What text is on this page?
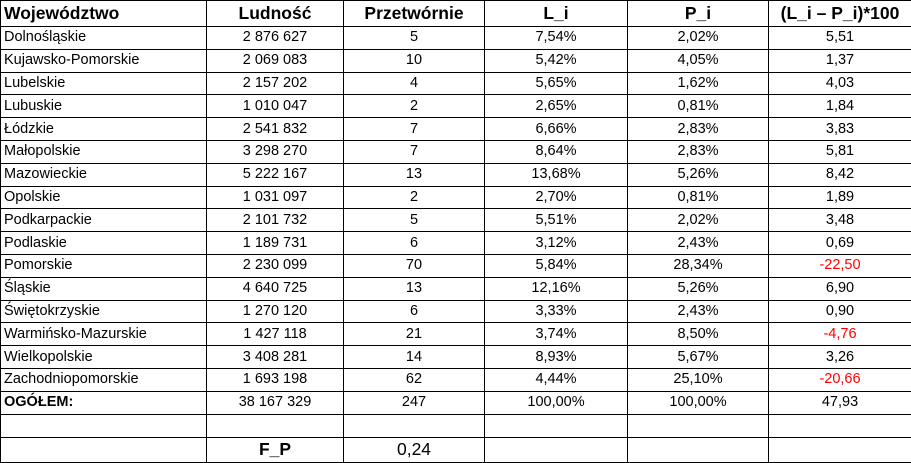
Województwo	Ludność	Przetwórnie	L_i	P_i	(L_i – P_i)*100
Dolnośląskie	2 876 627	5	7,54%	2,02%	5,51
Kujawsko-Pomorskie	2 069 083	10	5,42%	4,05%	1,37
Lubelskie	2 157 202	4	5,65%	1,62%	4,03
Lubuskie	1 010 047	2	2,65%	0,81%	1,84
Łódzkie	2 541 832	7	6,66%	2,83%	3,83
Małopolskie	3 298 270	7	8,64%	2,83%	5,81
Mazowieckie	5 222 167	13	13,68%	5,26%	8,42
Opolskie	1 031 097	2	2,70%	0,81%	1,89
Podkarpackie	2 101 732	5	5,51%	2,02%	3,48
Podlaskie	1 189 731	6	3,12%	2,43%	0,69
Pomorskie	2 230 099	70	5,84%	28,34%	-22,50
Śląskie	4 640 725	13	12,16%	5,26%	6,90
Świętokrzyskie	1 270 120	6	3,33%	2,43%	0,90
Warmińsko-Mazurskie	1 427 118	21	3,74%	8,50%	-4,76
Wielkopolskie	3 408 281	14	8,93%	5,67%	3,26
Zachodniopomorskie	1 693 198	62	4,44%	25,10%	-20,66
OGÓŁEM:	38 167 329	247	100,00%	100,00%	47,93

	F_P	0,24			
